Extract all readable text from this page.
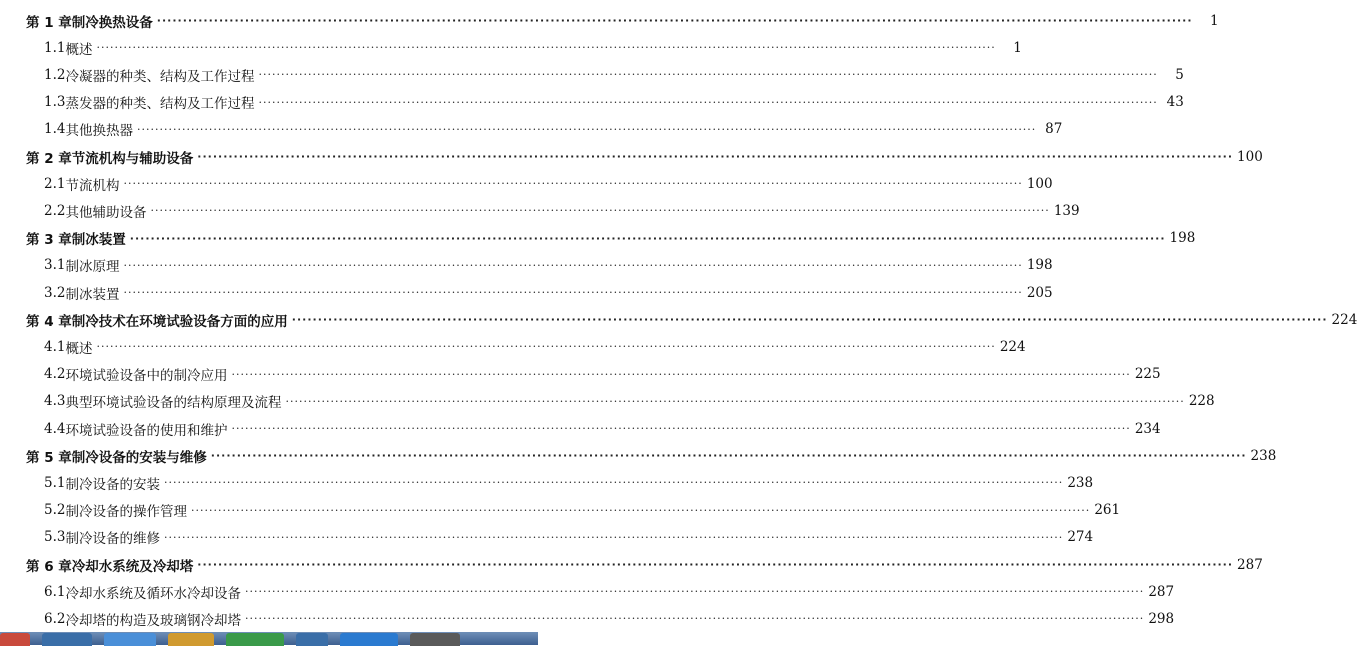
第 1 章 制冷换热设备 ········································································································································································································	1
1.1 概述 ········································································································································································································	1
1.2 冷凝器的种类、结构及工作过程 ········································································································································································································	5
1.3 蒸发器的种类、结构及工作过程 ········································································································································································································ 43
1.4 其他换热器 ········································································································································································································ 87
第 2 章 节流机构与辅助设备 ········································································································································································································ 100
2.1 节流机构 ········································································································································································································ 100
2.2 其他辅助设备 ········································································································································································································ 139
第 3 章 制冰装置 ········································································································································································································ 198
3.1 制冰原理 ········································································································································································································ 198
3.2 制冰装置 ········································································································································································································ 205
第 4 章 制冷技术在环境试验设备方面的应用 ········································································································································································································ 224
4.1 概述 ········································································································································································································ 224
4.2 环境试验设备中的制冷应用 ········································································································································································································ 225
4.3 典型环境试验设备的结构原理及流程 ········································································································································································································ 228
4.4 环境试验设备的使用和维护 ········································································································································································································ 234
第 5 章 制冷设备的安装与维修 ········································································································································································································ 238
5.1 制冷设备的安装 ········································································································································································································ 238
5.2 制冷设备的操作管理 ········································································································································································································ 261
5.3 制冷设备的维修 ········································································································································································································ 274
第 6 章 冷却水系统及冷却塔 ········································································································································································································ 287
6.1 冷却水系统及循环水冷却设备 ········································································································································································································ 287
6.2 冷却塔的构造及玻璃钢冷却塔 ········································································································································································································ 298
